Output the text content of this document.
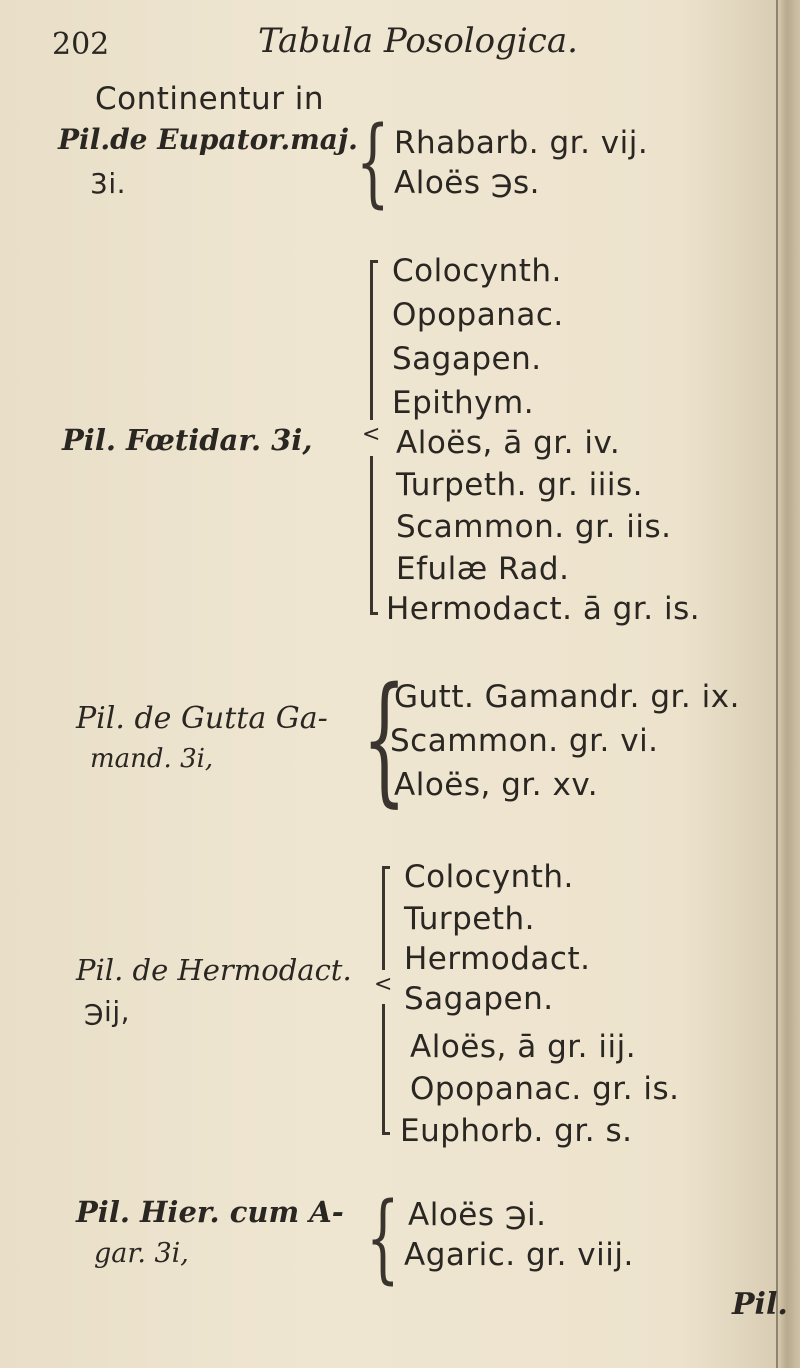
202	Tabula Posologica.
Continentur in
Pil.de Eupator.maj.
3i. { Rhabarb. gr. vij.
Aloës ℈s.
<
Pil. Fœtidar. 3i,
Colocynth.
Opopanac.
Sagapen.
Epithym.
Aloës, ā gr. iv.
Turpeth. gr. iiis.
Scammon. gr. iis.
Efulæ Rad.
Hermodact. ā gr. is.
Pil. de Gutta Ga-
mand. 3i, {
Gutt. Gamandr. gr. ix.
Scammon. gr. vi.
Aloës, gr. xv.
<
Pil. de Hermodact.
℈ij,
Colocynth.
Turpeth.
Hermodact.
Sagapen.
Aloës, ā gr. iij.
Opopanac. gr. is.
Euphorb. gr. s.
Pil. Hier. cum A-
gar. 3i, { Aloës ℈i.
Agaric. gr. viij.
Pil.
